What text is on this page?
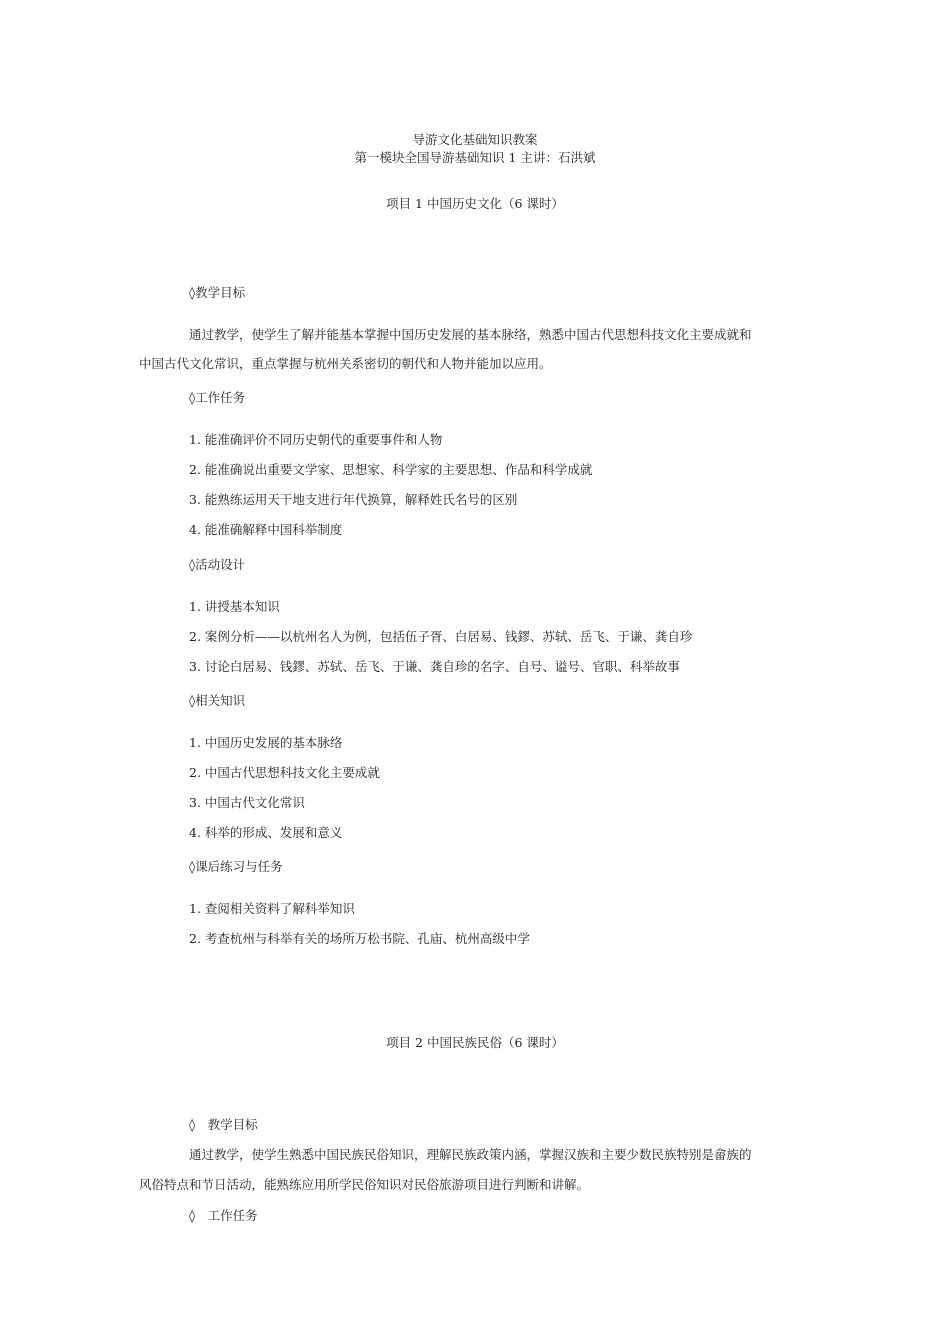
导游文化基础知识教案
第一模块全国导游基础知识 1 主讲：石洪斌
项目 1 中国历史文化（6 课时）
◊教学目标
通过教学，使学生了解并能基本掌握中国历史发展的基本脉络，熟悉中国古代思想科技文化主要成就和
中国古代文化常识，重点掌握与杭州关系密切的朝代和人物并能加以应用。
◊工作任务
1. 能准确评价不同历史朝代的重要事件和人物
2. 能准确说出重要文学家、思想家、科学家的主要思想、作品和科学成就
3. 能熟练运用天干地支进行年代换算，解释姓氏名号的区别
4. 能准确解释中国科举制度
◊活动设计
1. 讲授基本知识
2. 案例分析——以杭州名人为例，包括伍子胥、白居易、钱鏐、苏轼、岳飞、于谦、龚自珍
3. 讨论白居易、钱鏐、苏轼、岳飞、于谦、龚自珍的名字、自号、谥号、官职、科举故事
◊相关知识
1. 中国历史发展的基本脉络
2. 中国古代思想科技文化主要成就
3. 中国古代文化常识
4. 科举的形成、发展和意义
◊课后练习与任务
1. 查阅相关资料了解科举知识
2. 考查杭州与科举有关的场所万松书院、孔庙、杭州高级中学
项目 2 中国民族民俗（6 课时）
◊　教学目标
通过教学，使学生熟悉中国民族民俗知识，理解民族政策内涵，掌握汉族和主要少数民族特别是畲族的
风俗特点和节日活动，能熟练应用所学民俗知识对民俗旅游项目进行判断和讲解。
◊　工作任务
